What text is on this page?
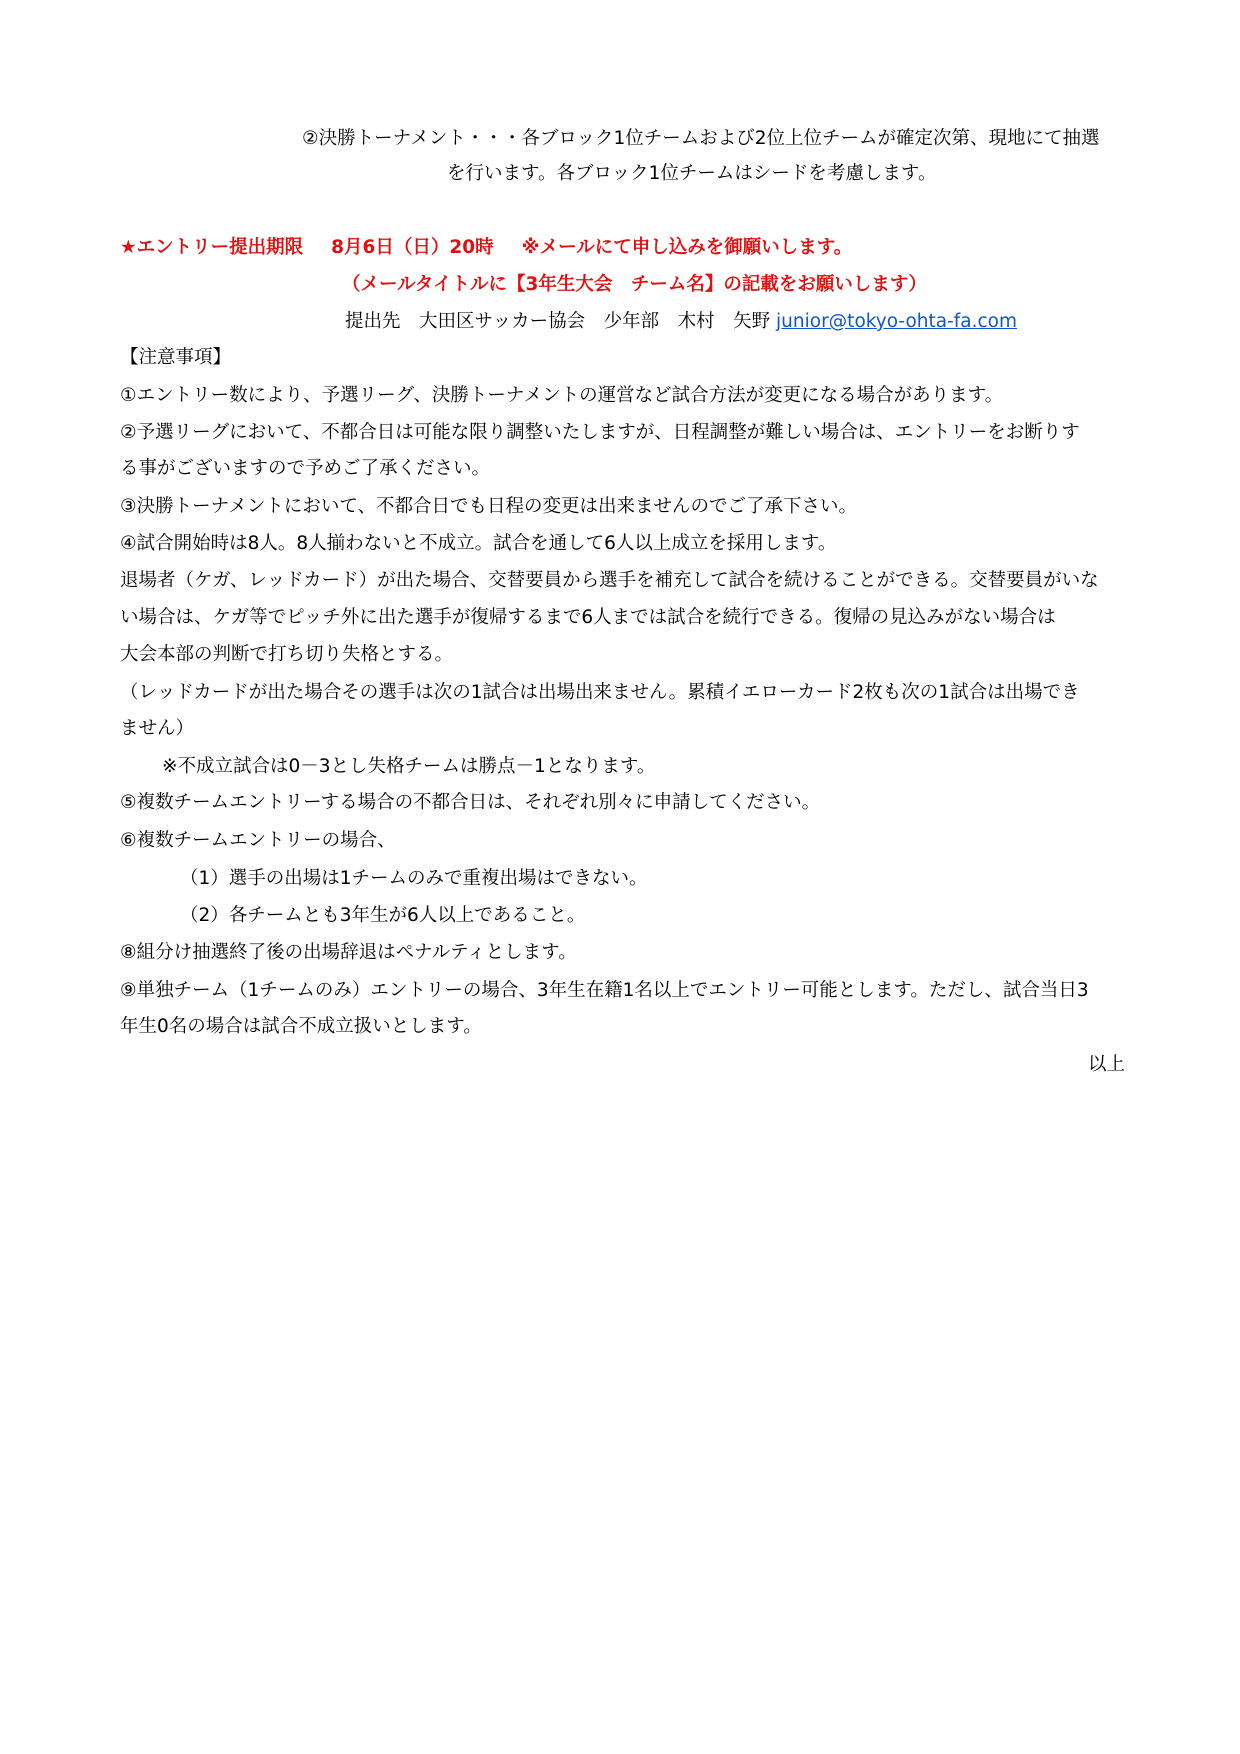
②決勝トーナメント・・・各ブロック1位チームおよび2位上位チームが確定次第、現地にて抽選
を行います。各ブロック1位チームはシードを考慮します。
★エントリー提出期限 8月6日（日）20時 ※メールにて申し込みを御願いします。
（メールタイトルに【3年生大会　チーム名】の記載をお願いします）
提出先　大田区サッカー協会　少年部　木村　矢野 junior@tokyo-ohta-fa.com
【注意事項】
①エントリー数により、予選リーグ、決勝トーナメントの運営など試合方法が変更になる場合があります。
②予選リーグにおいて、不都合日は可能な限り調整いたしますが、日程調整が難しい場合は、エントリーをお断りす
る事がございますので予めご了承ください。
③決勝トーナメントにおいて、不都合日でも日程の変更は出来ませんのでご了承下さい。
④試合開始時は8人。8人揃わないと不成立。試合を通して6人以上成立を採用します。
退場者（ケガ、レッドカード）が出た場合、交替要員から選手を補充して試合を続けることができる。交替要員がいな
い場合は、ケガ等でピッチ外に出た選手が復帰するまで6人までは試合を続行できる。復帰の見込みがない場合は
大会本部の判断で打ち切り失格とする。
（レッドカードが出た場合その選手は次の1試合は出場出来ません。累積イエローカード2枚も次の1試合は出場でき
ません）
※不成立試合は0－3とし失格チームは勝点－1となります。
⑤複数チームエントリーする場合の不都合日は、それぞれ別々に申請してください。
⑥複数チームエントリーの場合、
（1）選手の出場は1チームのみで重複出場はできない。
（2）各チームとも3年生が6人以上であること。
⑧組分け抽選終了後の出場辞退はペナルティとします。
⑨単独チーム（1チームのみ）エントリーの場合、3年生在籍1名以上でエントリー可能とします。ただし、試合当日3
年生0名の場合は試合不成立扱いとします。
以上
